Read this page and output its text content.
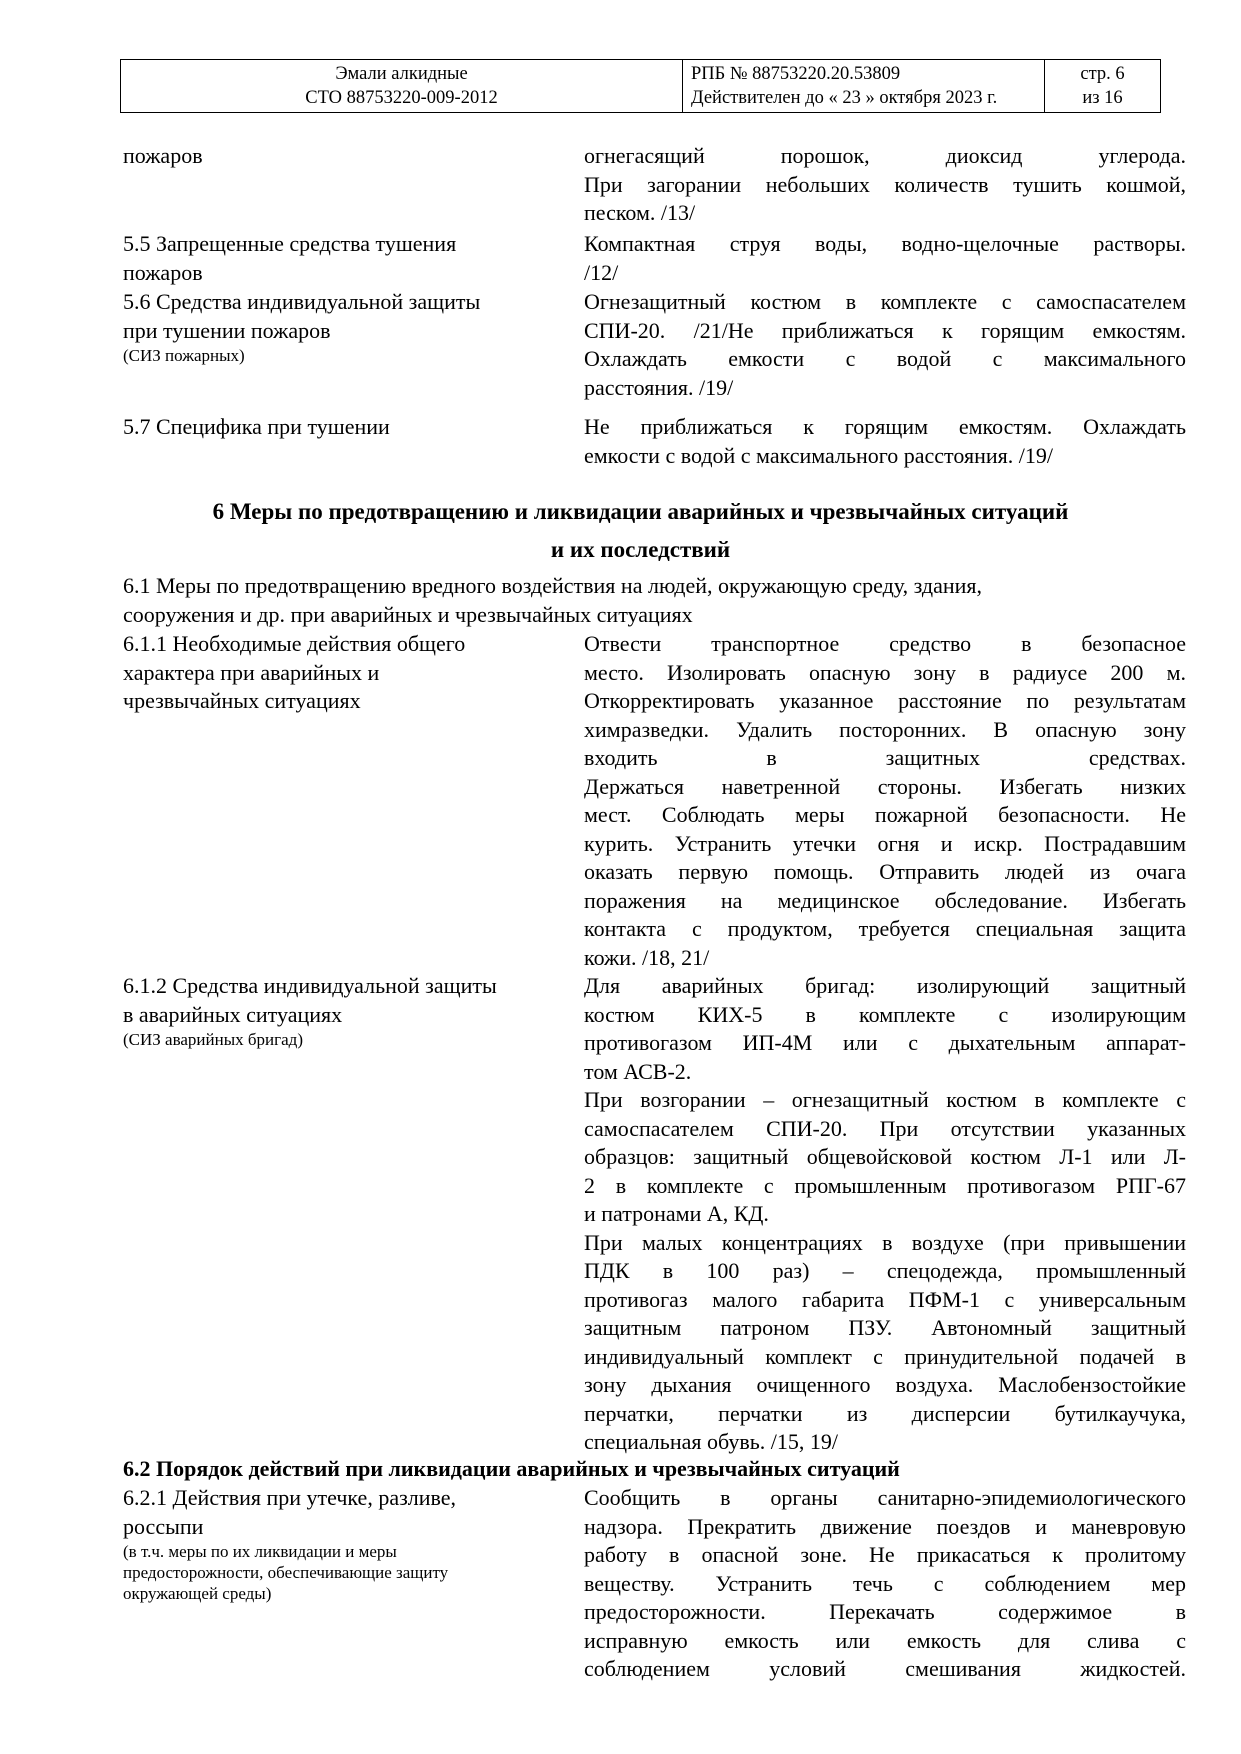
Эмали алкидные
СТО 88753220-009-2012
РПБ № 88753220.20.53809
Действителен до « 23 » октября 2023 г.
стр. 6
из 16
пожаров	огнегасящий порошок, диоксид углерода.
При загорании небольших количеств тушить кошмой,
песком. /13/
5.5 Запрещенные средства тушения
пожаров
Компактная струя воды, водно-щелочные растворы.
/12/
5.6 Средства индивидуальной защиты
при тушении пожаров
(СИЗ пожарных)
Огнезащитный костюм в комплекте с самоспасателем
СПИ-20. /21/Не приближаться к горящим емкостям.
Охлаждать емкости с водой с максимального
расстояния. /19/
5.7 Специфика при тушении	Не приближаться к горящим емкостям. Охлаждать
емкости с водой с максимального расстояния. /19/
6 Меры по предотвращению и ликвидации аварийных и чрезвычайных ситуаций
и их последствий
6.1 Меры по предотвращению вредного воздействия на людей, окружающую среду, здания,
сооружения и др. при аварийных и чрезвычайных ситуациях
6.1.1 Необходимые действия общего
характера при аварийных и
чрезвычайных ситуациях
Отвести транспортное средство в безопасное
место. Изолировать опасную зону в радиусе 200 м.
Откорректировать указанное расстояние по результатам
химразведки. Удалить посторонних. В опасную зону
входить в защитных средствах.
Держаться наветренной стороны. Избегать низких
мест. Соблюдать меры пожарной безопасности. Не
курить. Устранить утечки огня и искр. Пострадавшим
оказать первую помощь. Отправить людей из очага
поражения на медицинское обследование. Избегать
контакта с продуктом, требуется специальная защита
кожи. /18, 21/
6.1.2 Средства индивидуальной защиты
в аварийных ситуациях
(СИЗ аварийных бригад)
Для аварийных бригад: изолирующий защитный
костюм КИХ-5 в комплекте с изолирующим
противогазом ИП-4М или с дыхательным аппарат-
том АСВ-2.
При возгорании – огнезащитный костюм в комплекте с
самоспасателем СПИ-20. При отсутствии указанных
образцов: защитный общевойсковой костюм Л-1 или Л-
2 в комплекте с промышленным противогазом РПГ-67
и патронами А, КД.
При малых концентрациях в воздухе (при привышении
ПДК в 100 раз) – спецодежда, промышленный
противогаз малого габарита ПФМ-1 с универсальным
защитным патроном ПЗУ. Автономный защитный
индивидуальный комплект с принудительной подачей в
зону дыхания очищенного воздуха. Маслобензостойкие
перчатки, перчатки из дисперсии бутилкаучука,
специальная обувь. /15, 19/
6.2 Порядок действий при ликвидации аварийных и чрезвычайных ситуаций
6.2.1 Действия при утечке, разливе,
россыпи
(в т.ч. меры по их ликвидации и меры
предосторожности, обеспечивающие защиту
окружающей среды)
Сообщить в органы санитарно-эпидемиологического
надзора. Прекратить движение поездов и маневровую
работу в опасной зоне. Не прикасаться к пролитому
веществу. Устранить течь с соблюдением мер
предосторожности. Перекачать содержимое в
исправную емкость или емкость для слива с
соблюдением условий смешивания жидкостей.
